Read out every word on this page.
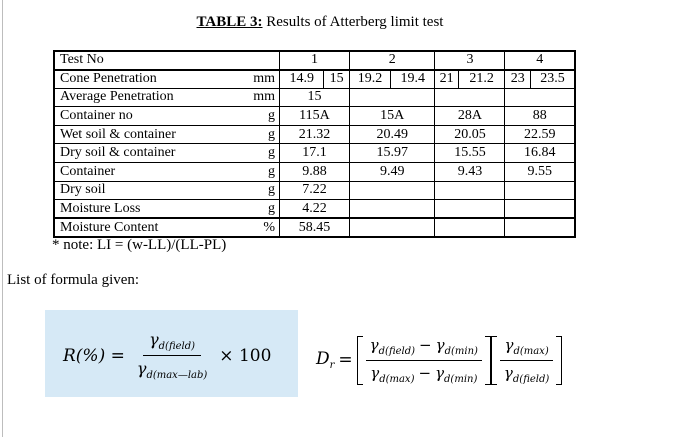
TABLE 3: Results of Atterberg limit test
Test No		1		2		3		4	
Cone Penetration	mm	14.9	15	19.2	19.4	21	21.2	23	23.5
Average Penetration	mm	15							
Container no	g	115A		15A		28A		88	
Wet soil & container	g	21.32		20.49		20.05		22.59	
Dry soil & container	g	17.1		15.97		15.55		16.84	
Container	g	9.88		9.49		9.43		9.55	
Dry soil	g	7.22							
Moisture Loss	g	4.22							
Moisture Content	%	58.45							
* note: LI = (w-LL)/(LL-PL)
List of formula given:
$R(\%) = \frac{\gamma_{d(field)}}{\gamma_{d(max—lab)}} \times 100$	$D_r = \frac{\gamma_{d(field)} - \gamma_{d(min)}}{\gamma_{d(max)} - \gamma_{d(min)}} \frac{\gamma_{d(max)}}{\gamma_{d(field)}}$
